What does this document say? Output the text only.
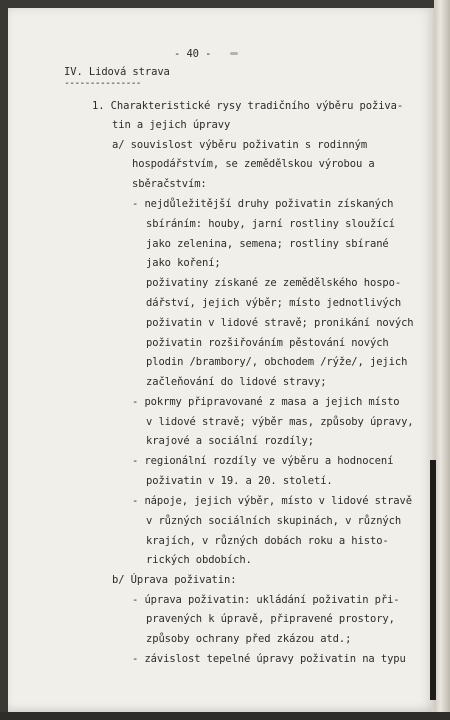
- 40 -
IV. Lidová strava
---------------
1. Charakteristické rysy tradičního výběru poživa-
tin a jejich úpravy
a/ souvislost výběru poživatin s rodinným
hospodářstvím, se zemědělskou výrobou a
sběračstvím:
- nejdůležitější druhy poživatin získaných
sbíráním: houby, jarní rostliny sloužící
jako zelenina, semena; rostliny sbírané
jako koření;
poživatiny získané ze zemědělského hospo-
dářství, jejich výběr; místo jednotlivých
poživatin v lidové stravě; pronikání nových
poživatin rozšiřováním pěstování nových
plodin /brambory/, obchodem /rýže/, jejich
začleňování do lidové stravy;
- pokrmy připravované z masa a jejich místo
v lidové stravě; výběr mas, způsoby úpravy,
krajové a sociální rozdíly;
- regionální rozdíly ve výběru a hodnocení
poživatin v 19. a 20. století.
- nápoje, jejich výběr, místo v lidové stravě
v různých sociálních skupinách, v různých
krajích, v různých dobách roku a histo-
rických obdobích.
b/ Úprava poživatin:
- úprava poživatin: ukládání poživatin při-
pravených k úpravě, připravené prostory,
způsoby ochrany před zkázou atd.;
- závislost tepelné úpravy poživatin na typu
